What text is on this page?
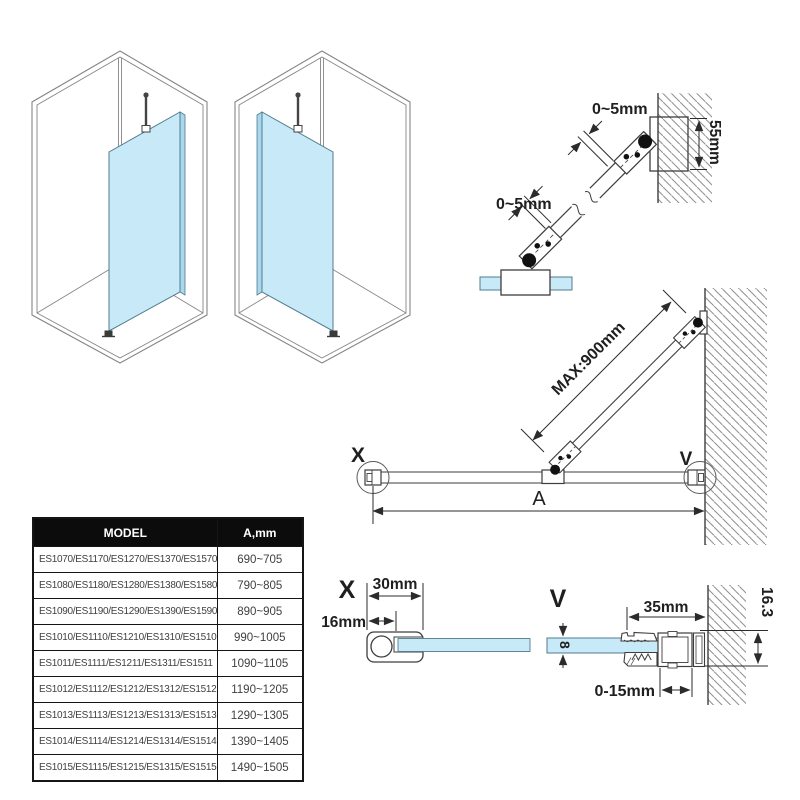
0~5mm
0~5mm
55mm
MAX:900mm
X	V
A
X 30mm
16mm
V	35mm	16.3
8
0-15mm
MODEL	A,mm
ES1070/ES1170/ES1270/ES1370/ES1570	690~705
ES1080/ES1180/ES1280/ES1380/ES1580	790~805
ES1090/ES1190/ES1290/ES1390/ES1590	890~905
ES1010/ES1110/ES1210/ES1310/ES1510	990~1005
ES1011/ES1111/ES1211/ES1311/ES1511	1090~1105
ES1012/ES1112/ES1212/ES1312/ES1512	1190~1205
ES1013/ES1113/ES1213/ES1313/ES1513	1290~1305
ES1014/ES1114/ES1214/ES1314/ES1514	1390~1405
ES1015/ES1115/ES1215/ES1315/ES1515	1490~1505
